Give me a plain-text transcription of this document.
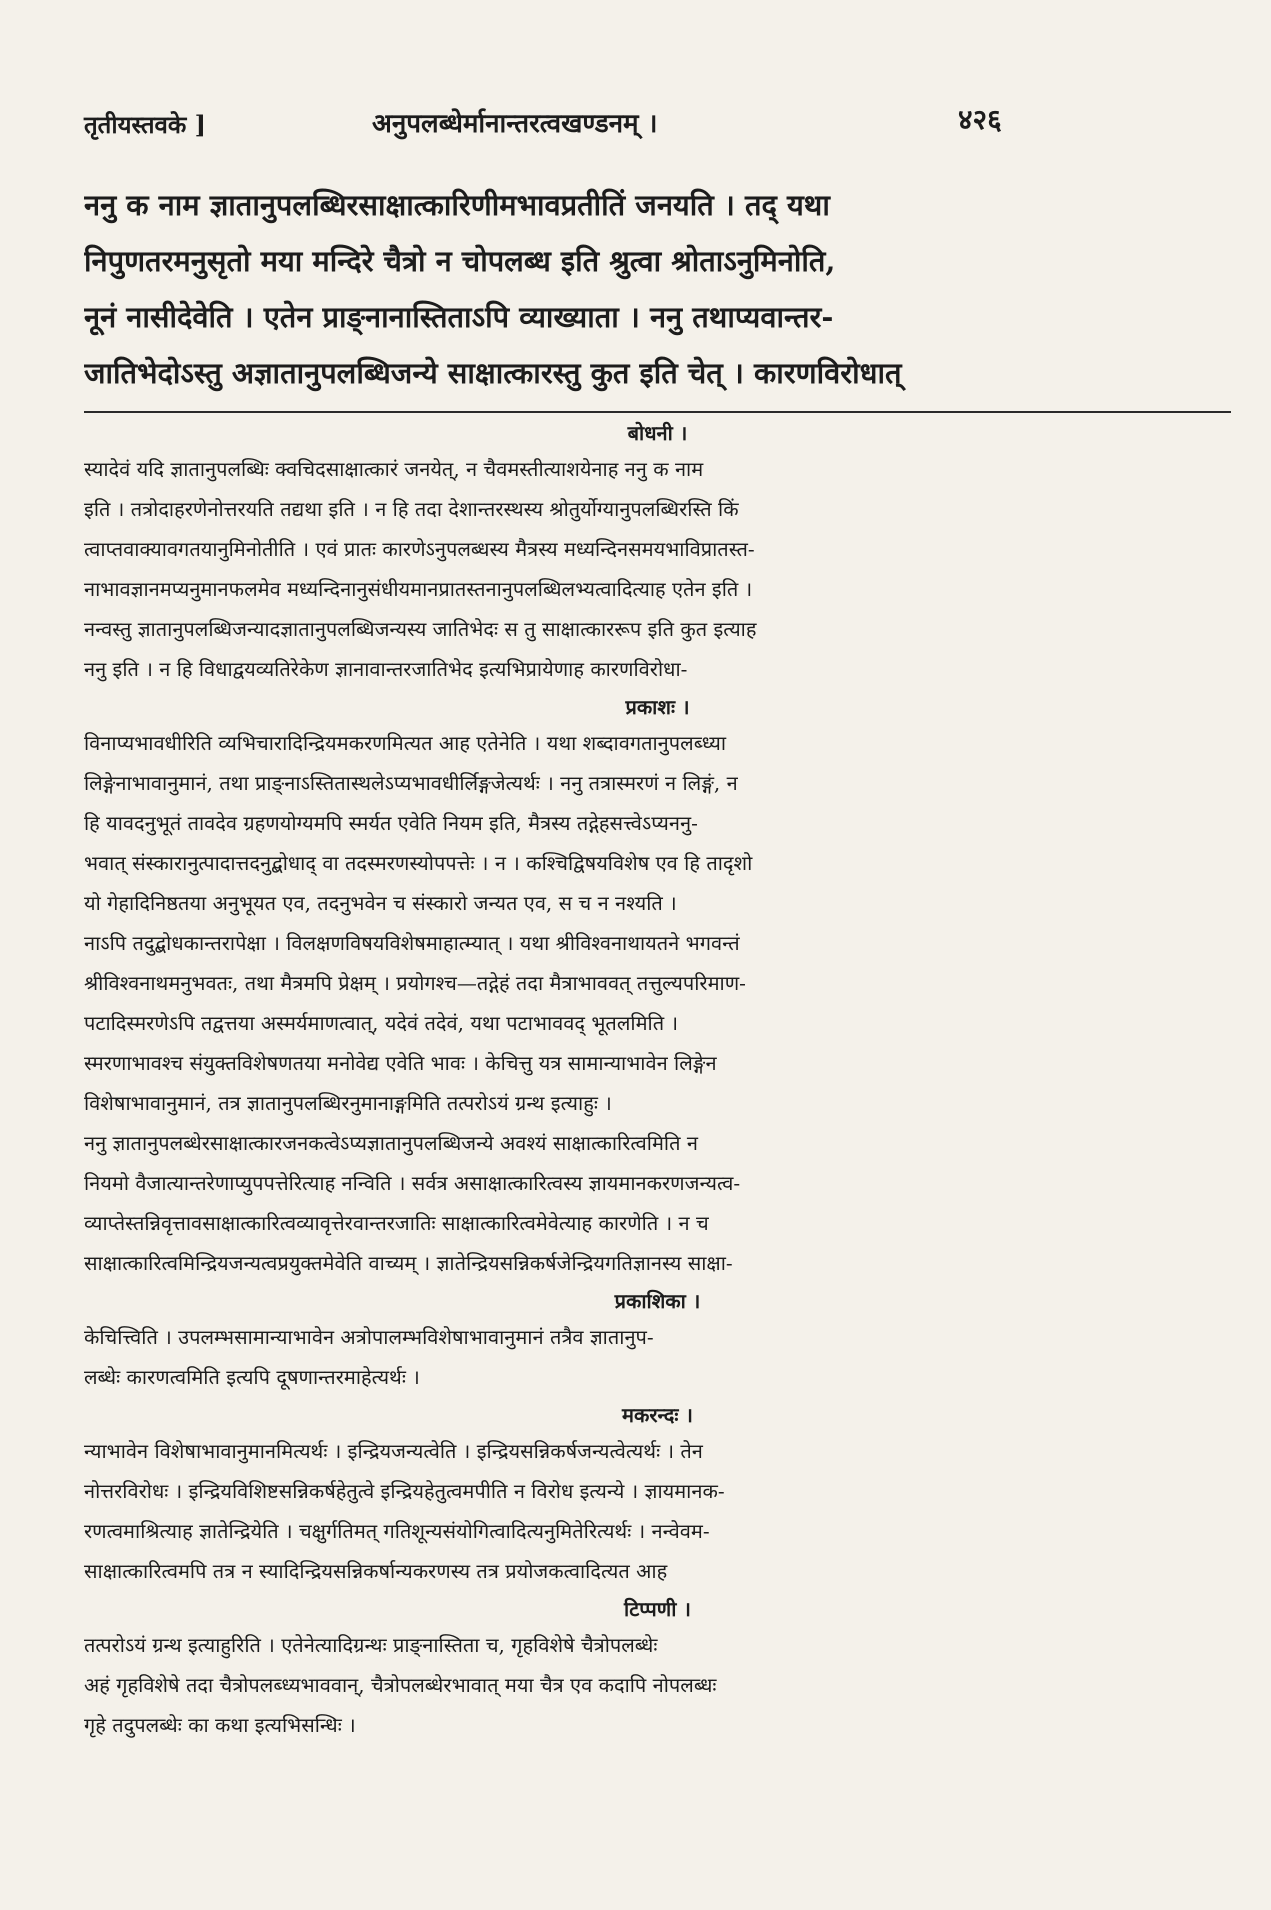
तृतीयस्तवके ]	अनुपलब्धेर्मानान्तरत्वखण्डनम् ।	४२६
ननु क नाम ज्ञातानुपलब्धिरसाक्षात्कारिणीमभावप्रतीतिं जनयति । तद् यथा
निपुणतरमनुसृतो मया मन्दिरे चैत्रो न चोपलब्ध इति श्रुत्वा श्रोताऽनुमिनोति,
नूनं नासीदेवेति । एतेन प्राङ्नानास्तिताऽपि व्याख्याता । ननु तथाप्यवान्तर-
जातिभेदोऽस्तु अज्ञातानुपलब्धिजन्ये साक्षात्कारस्तु कुत इति चेत् । कारणविरोधात्

बोधनी ।

स्यादेवं यदि ज्ञातानुपलब्धिः क्वचिदसाक्षात्कारं जनयेत्, न चैवमस्तीत्याशयेनाह ननु क नाम
इति । तत्रोदाहरणेनोत्तरयति तद्यथा इति । न हि तदा देशान्तरस्थस्य श्रोतुर्योग्यानुपलब्धिरस्ति किं
त्वाप्तवाक्यावगतयानुमिनोतीति । एवं प्रातः कारणेऽनुपलब्धस्य मैत्रस्य मध्यन्दिनसमयभाविप्रातस्त-
नाभावज्ञानमप्यनुमानफलमेव मध्यन्दिनानुसंधीयमानप्रातस्तनानुपलब्धिलभ्यत्वादित्याह एतेन इति ।
नन्वस्तु ज्ञातानुपलब्धिजन्यादज्ञातानुपलब्धिजन्यस्य जातिभेदः स तु साक्षात्काररूप इति कुत इत्याह
ननु इति । न हि विधाद्वयव्यतिरेकेण ज्ञानावान्तरजातिभेद इत्यभिप्रायेणाह कारणविरोधा-

प्रकाशः ।

विनाप्यभावधीरिति व्यभिचारादिन्द्रियमकरणमित्यत आह एतेनेति । यथा शब्दावगतानुपलब्ध्या
लिङ्गेनाभावानुमानं, तथा प्राङ्नाऽस्तितास्थलेऽप्यभावधीर्लिङ्गजेत्यर्थः । ननु तत्रास्मरणं न लिङ्गं, न
हि यावदनुभूतं तावदेव ग्रहणयोग्यमपि स्मर्यत एवेति नियम इति, मैत्रस्य तद्गेहसत्त्वेऽप्यननु-
भवात् संस्कारानुत्पादात्तदनुद्बोधाद् वा तदस्मरणस्योपपत्तेः । न । कश्चिद्विषयविशेष एव हि तादृशो
यो गेहादिनिष्ठतया अनुभूयत एव, तदनुभवेन च संस्कारो जन्यत एव, स च न नश्यति ।
नाऽपि तदुद्बोधकान्तरापेक्षा । विलक्षणविषयविशेषमाहात्म्यात् । यथा श्रीविश्वनाथायतने भगवन्तं
श्रीविश्वनाथमनुभवतः, तथा मैत्रमपि प्रेक्षम् । प्रयोगश्च—तद्गेहं तदा मैत्राभाववत् तत्तुल्यपरिमाण-
पटादिस्मरणेऽपि तद्वत्तया अस्मर्यमाणत्वात्, यदेवं तदेवं, यथा पटाभाववद् भूतलमिति ।
स्मरणाभावश्च संयुक्तविशेषणतया मनोवेद्य एवेति भावः । केचित्तु यत्र सामान्याभावेन लिङ्गेन
विशेषाभावानुमानं, तत्र ज्ञातानुपलब्धिरनुमानाङ्गमिति तत्परोऽयं ग्रन्थ इत्याहुः ।
ननु ज्ञातानुपलब्धेरसाक्षात्कारजनकत्वेऽप्यज्ञातानुपलब्धिजन्ये अवश्यं साक्षात्कारित्वमिति न
नियमो वैजात्यान्तरेणाप्युपपत्तेरित्याह नन्विति । सर्वत्र असाक्षात्कारित्वस्य ज्ञायमानकरणजन्यत्व-
व्याप्तेस्तन्निवृत्तावसाक्षात्कारित्वव्यावृत्तेरवान्तरजातिः साक्षात्कारित्वमेवेत्याह कारणेति । न च
साक्षात्कारित्वमिन्द्रियजन्यत्वप्रयुक्तमेवेति वाच्यम् । ज्ञातेन्द्रियसन्निकर्षजेन्द्रियगतिज्ञानस्य साक्षा-

प्रकाशिका ।

केचित्त्विति । उपलम्भसामान्याभावेन अत्रोपालम्भविशेषाभावानुमानं तत्रैव ज्ञातानुप-
लब्धेः कारणत्वमिति इत्यपि दूषणान्तरमाहेत्यर्थः ।

मकरन्दः ।

न्याभावेन विशेषाभावानुमानमित्यर्थः । इन्द्रियजन्यत्वेति । इन्द्रियसन्निकर्षजन्यत्वेत्यर्थः । तेन
नोत्तरविरोधः । इन्द्रियविशिष्टसन्निकर्षहेतुत्वे इन्द्रियहेतुत्वमपीति न विरोध इत्यन्ये । ज्ञायमानक-
रणत्वमाश्रित्याह ज्ञातेन्द्रियेति । चक्षुर्गतिमत् गतिशून्यसंयोगित्वादित्यनुमितेरित्यर्थः । नन्वेवम-
साक्षात्कारित्वमपि तत्र न स्यादिन्द्रियसन्निकर्षान्यकरणस्य तत्र प्रयोजकत्वादित्यत आह

टिप्पणी ।

तत्परोऽयं ग्रन्थ इत्याहुरिति । एतेनेत्यादिग्रन्थः प्राङ्नास्तिता च, गृहविशेषे चैत्रोपलब्धेः
अहं गृहविशेषे तदा चैत्रोपलब्ध्यभाववान्, चैत्रोपलब्धेरभावात् मया चैत्र एव कदापि नोपलब्धः
गृहे तदुपलब्धेः का कथा इत्यभिसन्धिः ।
